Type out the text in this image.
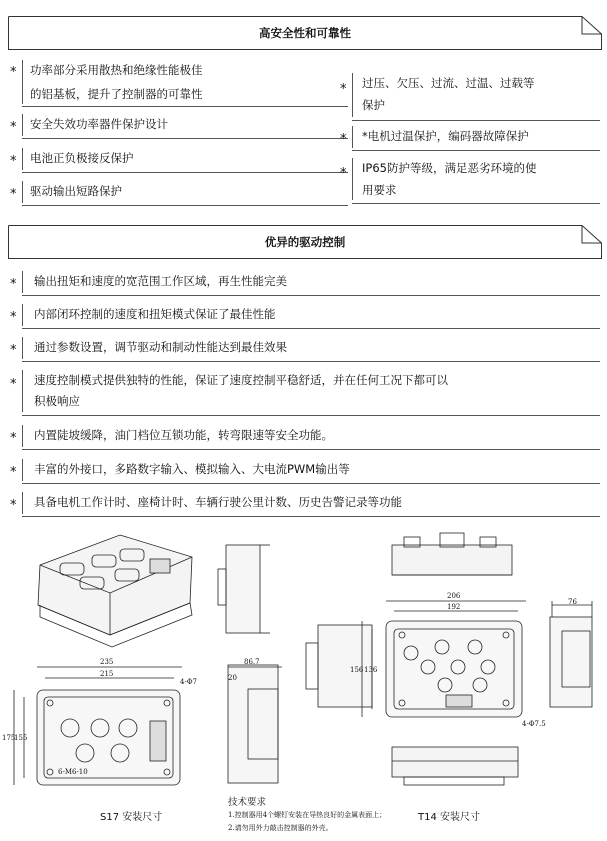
高安全性和可靠性
* 功率部分采用散热和绝缘性能极佳
的铝基板，提升了控制器的可靠性
* 安全失效功率器件保护设计
* 电池正负极接反保护
* 驱动输出短路保护
* 过压、欠压、过流、过温、过载等
保护
* *电机过温保护，编码器故障保护
* IP65防护等级，满足恶劣环境的使
用要求
优异的驱动控制
* 输出扭矩和速度的宽范围工作区域，再生性能完美
* 内部闭环控制的速度和扭矩模式保证了最佳性能
* 通过参数设置，调节驱动和制动性能达到最佳效果
* 速度控制模式提供独特的性能，保证了速度控制平稳舒适，并在任何工况下都可以
积极响应
* 内置陡坡缓降，油门档位互锁功能，转弯限速等安全功能。
* 丰富的外接口，多路数字输入、模拟输入、大电流PWM输出等
* 具备电机工作计时、座椅计时、车辆行驶公里计数、历史告警记录等功能
235
215
175
155
4-Φ7
6-M6-10
86.7
20
206
192
156 136
76
4-Φ7.5
S17 安装尺寸	T14 安装尺寸
技术要求
1.控制器用4个螺钉安装在导热良好的金属表面上；
2.请勿用外力敲击控制器的外壳。
